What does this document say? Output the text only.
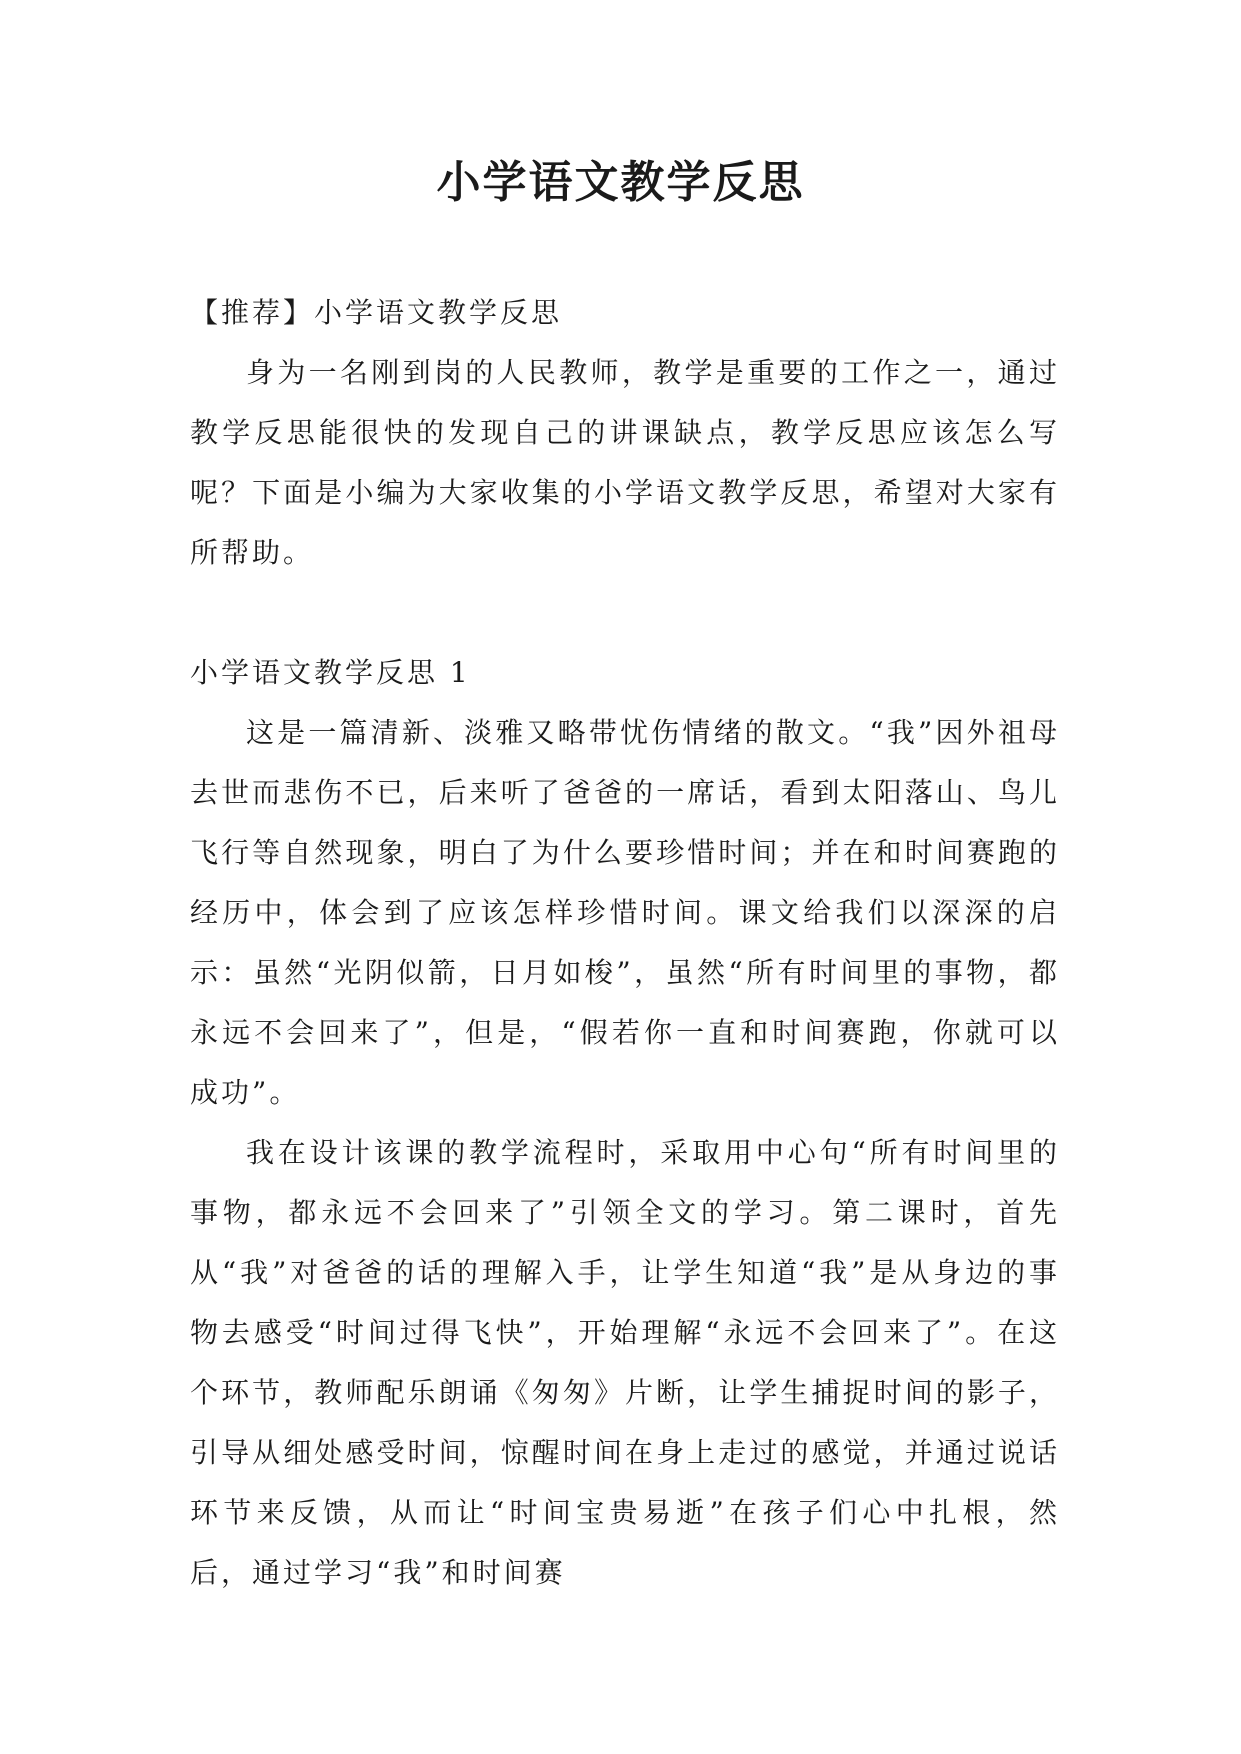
小学语文教学反思

【推荐】小学语文教学反思

身为一名刚到岗的人民教师，教学是重要的工作之一，通过教学反思能很快的发现自己的讲课缺点，教学反思应该怎么写呢？下面是小编为大家收集的小学语文教学反思，希望对大家有所帮助。

小学语文教学反思 1

这是一篇清新、淡雅又略带忧伤情绪的散文。“我”因外祖母去世而悲伤不已，后来听了爸爸的一席话，看到太阳落山、鸟儿飞行等自然现象，明白了为什么要珍惜时间；并在和时间赛跑的经历中，体会到了应该怎样珍惜时间。课文给我们以深深的启示：虽然“光阴似箭，日月如梭”，虽然“所有时间里的事物，都永远不会回来了”，但是，“假若你一直和时间赛跑，你就可以成功”。

我在设计该课的教学流程时，采取用中心句“所有时间里的事物，都永远不会回来了”引领全文的学习。第二课时，首先从“我”对爸爸的话的理解入手，让学生知道“我”是从身边的事物去感受“时间过得飞快”，开始理解“永远不会回来了”。在这个环节，教师配乐朗诵《匆匆》片断，让学生捕捉时间的影子，引导从细处感受时间，惊醒时间在身上走过的感觉，并通过说话环节来反馈，从而让“时间宝贵易逝”在孩子们心中扎根，然后，通过学习“我”和时间赛
